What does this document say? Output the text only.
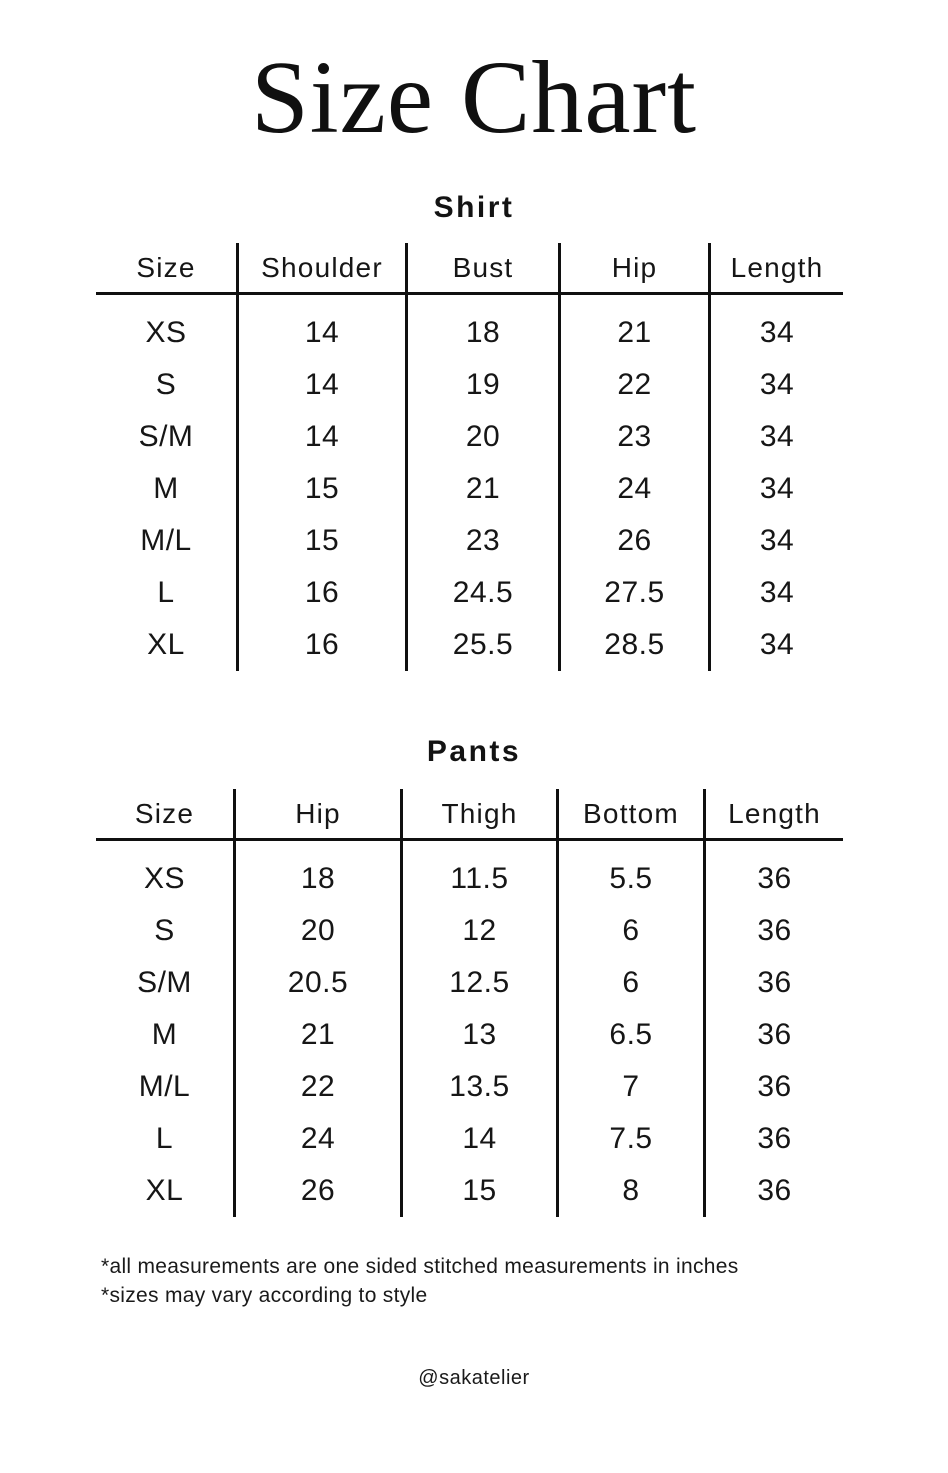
Size Chart
Shirt
Size	Shoulder	Bust	Hip	Length
XS	14	18	21	34
S	14	19	22	34
S/M	14	20	23	34
M	15	21	24	34
M/L	15	23	26	34
L	16	24.5	27.5	34
XL	16	25.5	28.5	34
Pants
Size	Hip	Thigh	Bottom	Length
XS	18	11.5	5.5	36
S	20	12	6	36
S/M	20.5	12.5	6	36
M	21	13	6.5	36
M/L	22	13.5	7	36
L	24	14	7.5	36
XL	26	15	8	36

*all measurements are one sided stitched measurements in inches

*sizes may vary according to style

@sakatelier
